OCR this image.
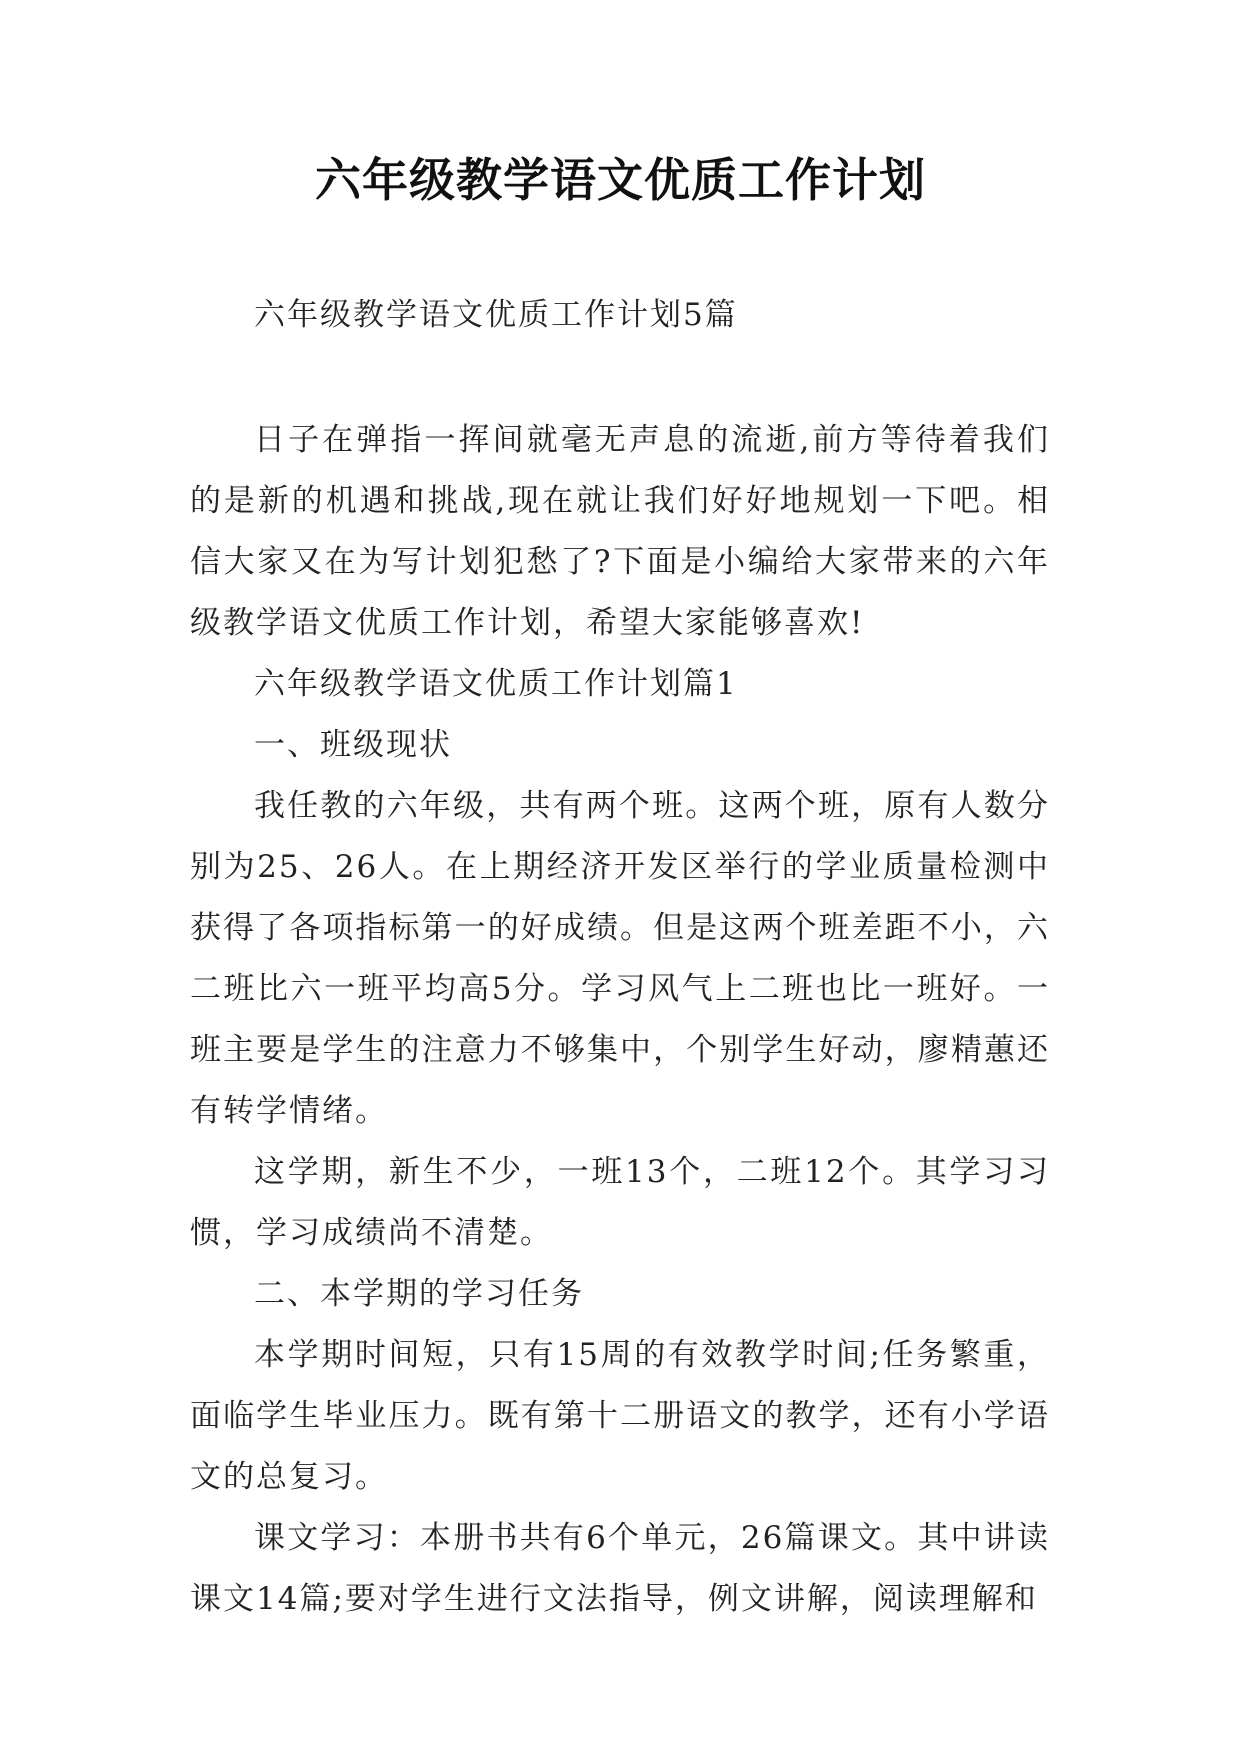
六年级教学语文优质工作计划

六年级教学语文优质工作计划5篇

日子在弹指一挥间就毫无声息的流逝,前方等待着我们的是新的机遇和挑战,现在就让我们好好地规划一下吧。相信大家又在为写计划犯愁了?下面是小编给大家带来的六年级教学语文优质工作计划，希望大家能够喜欢!

六年级教学语文优质工作计划篇1

一、班级现状

我任教的六年级，共有两个班。这两个班，原有人数分别为25、26人。在上期经济开发区举行的学业质量检测中获得了各项指标第一的好成绩。但是这两个班差距不小，六二班比六一班平均高5分。学习风气上二班也比一班好。一班主要是学生的注意力不够集中，个别学生好动，廖精蕙还有转学情绪。

这学期，新生不少，一班13个，二班12个。其学习习惯，学习成绩尚不清楚。

二、本学期的学习任务

本学期时间短，只有15周的有效教学时间;任务繁重，面临学生毕业压力。既有第十二册语文的教学，还有小学语文的总复习。

课文学习：本册书共有6个单元，26篇课文。其中讲读课文14篇;要对学生进行文法指导，例文讲解，阅读理解和
